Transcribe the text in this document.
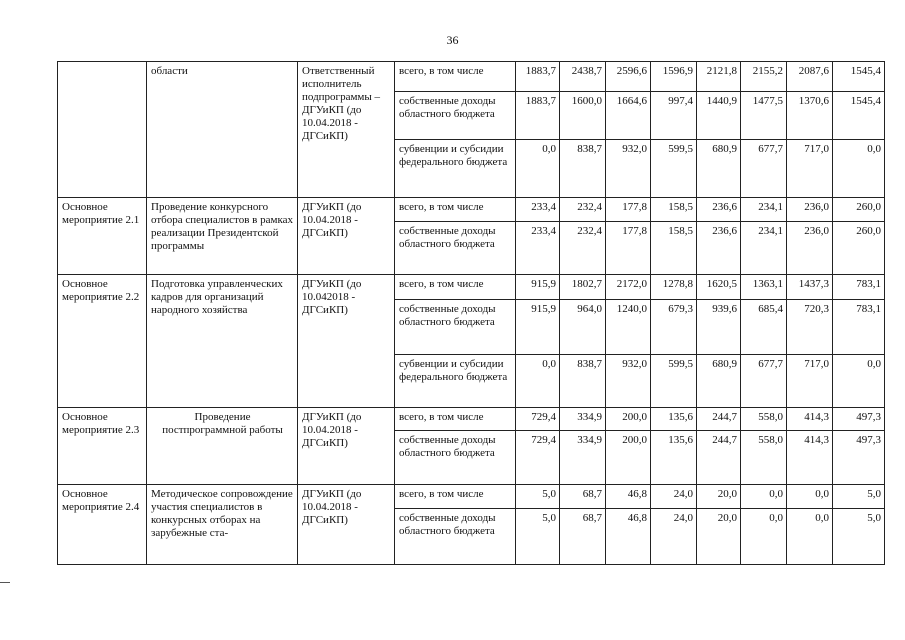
36
	области	Ответственный исполнитель подпрограммы – ДГУиКП (до 10.04.2018 - ДГСиКП)	всего, в том числе	1883,7	2438,7	2596,6	1596,9	2121,8	2155,2	2087,6	1545,4
			собственные доходы областного бюджета	1883,7	1600,0	1664,6	997,4	1440,9	1477,5	1370,6	1545,4
			субвенции и субсидии федерального бюджета	0,0	838,7	932,0	599,5	680,9	677,7	717,0	0,0
Основное мероприятие 2.1	Проведение конкурсного отбора специалистов в рамках реализации Президентской программы	ДГУиКП (до 10.04.2018 - ДГСиКП)	всего, в том числе	233,4	232,4	177,8	158,5	236,6	234,1	236,0	260,0
			собственные доходы областного бюджета	233,4	232,4	177,8	158,5	236,6	234,1	236,0	260,0
Основное мероприятие 2.2	Подготовка управленческих кадров для организаций народного хозяйства	ДГУиКП (до 10.042018 - ДГСиКП)	всего, в том числе	915,9	1802,7	2172,0	1278,8	1620,5	1363,1	1437,3	783,1
			собственные доходы областного бюджета	915,9	964,0	1240,0	679,3	939,6	685,4	720,3	783,1
			субвенции и субсидии федерального бюджета	0,0	838,7	932,0	599,5	680,9	677,7	717,0	0,0
Основное мероприятие 2.3	Проведение постпрограммной работы	ДГУиКП (до 10.04.2018 - ДГСиКП)	всего, в том числе	729,4	334,9	200,0	135,6	244,7	558,0	414,3	497,3
			собственные доходы областного бюджета	729,4	334,9	200,0	135,6	244,7	558,0	414,3	497,3
Основное мероприятие 2.4	Методическое сопровождение участия специалистов в конкурсных отборах на зарубежные ста-	ДГУиКП (до 10.04.2018 - ДГСиКП)	всего, в том числе	5,0	68,7	46,8	24,0	20,0	0,0	0,0	5,0
			собственные доходы областного бюджета	5,0	68,7	46,8	24,0	20,0	0,0	0,0	5,0
